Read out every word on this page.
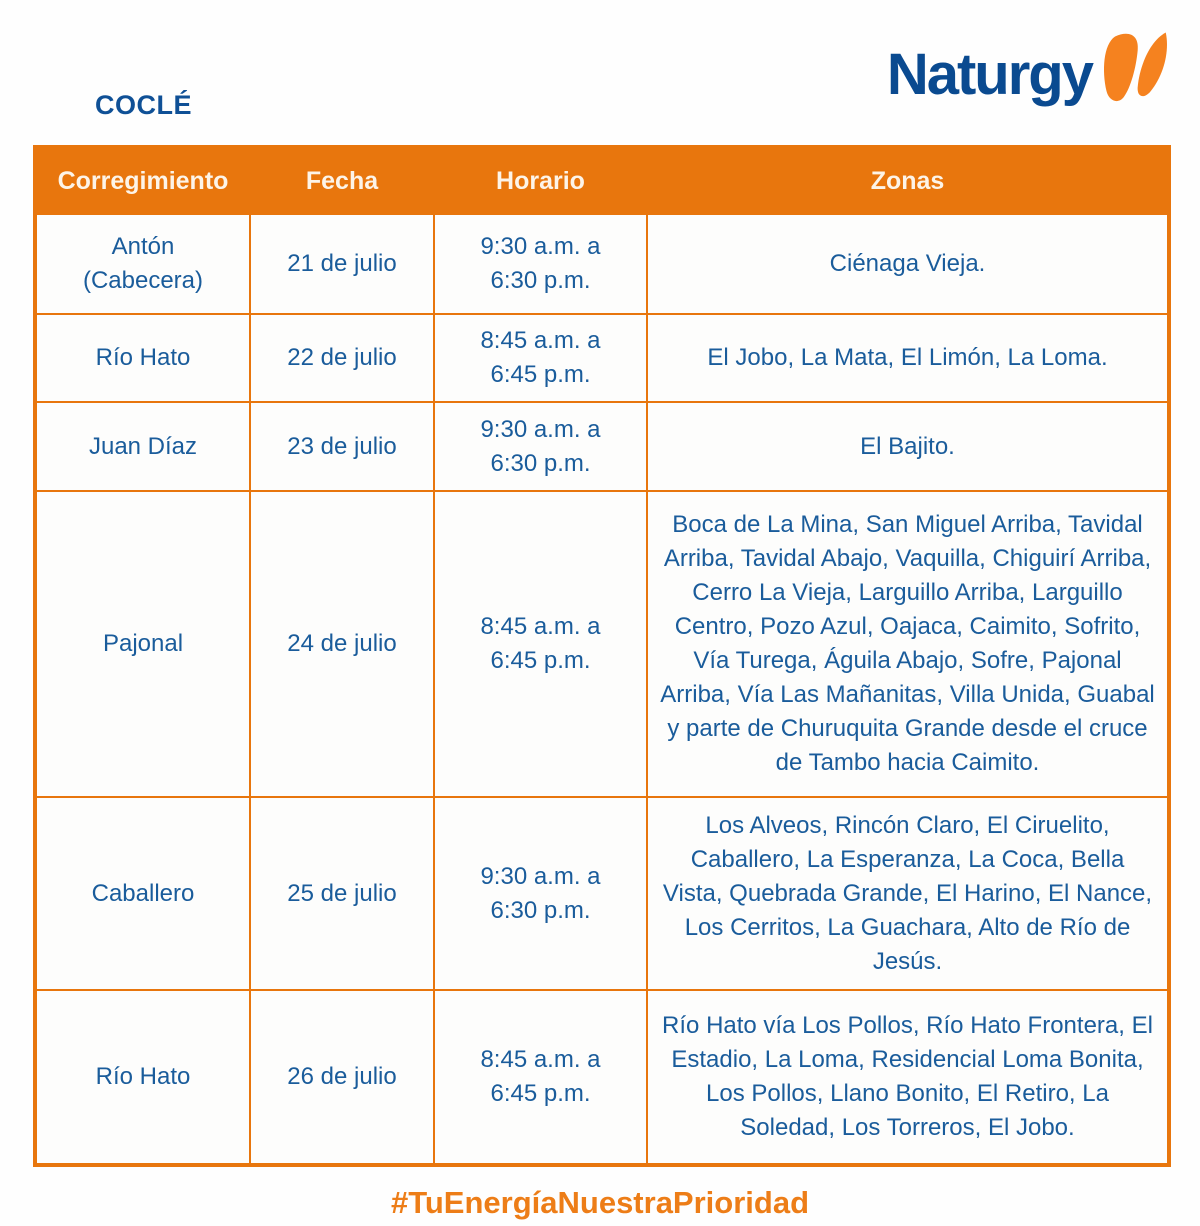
COCLÉ	Naturgy
Corregimiento	Fecha	Horario	Zonas
Antón (Cabecera)	21 de julio	9:30 a.m. a 6:30 p.m.	Ciénaga Vieja.
Río Hato	22 de julio	8:45 a.m. a 6:45 p.m.	El Jobo, La Mata, El Limón, La Loma.
Juan Díaz	23 de julio	9:30 a.m. a 6:30 p.m.	El Bajito.
Pajonal	24 de julio	8:45 a.m. a 6:45 p.m.	Boca de La Mina, San Miguel Arriba, Tavidal Arriba, Tavidal Abajo, Vaquilla, Chiguirí Arriba, Cerro La Vieja, Larguillo Arriba, Larguillo Centro, Pozo Azul, Oajaca, Caimito, Sofrito, Vía Turega, Águila Abajo, Sofre, Pajonal Arriba, Vía Las Mañanitas, Villa Unida, Guabal y parte de Churuquita Grande desde el cruce de Tambo hacia Caimito.
Caballero	25 de julio	9:30 a.m. a 6:30 p.m.	Los Alveos, Rincón Claro, El Ciruelito, Caballero, La Esperanza, La Coca, Bella Vista, Quebrada Grande, El Harino, El Nance, Los Cerritos, La Guachara, Alto de Río de Jesús.
Río Hato	26 de julio	8:45 a.m. a 6:45 p.m.	Río Hato vía Los Pollos, Río Hato Frontera, El Estadio, La Loma, Residencial Loma Bonita, Los Pollos, Llano Bonito, El Retiro, La Soledad, Los Torreros, El Jobo.
#TuEnergíaNuestraPrioridad
